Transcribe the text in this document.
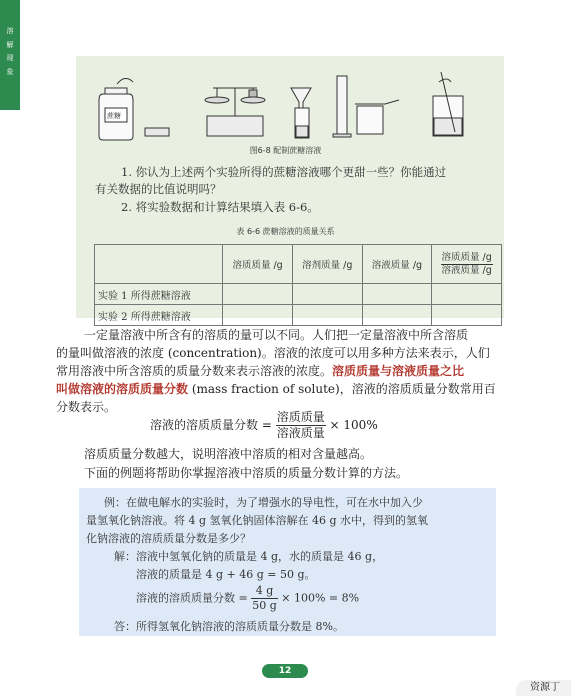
溶
解
现
象
蔗糖
图6-8 配制蔗糖溶液
1. 你认为上述两个实验所得的蔗糖溶液哪个更甜一些？你能通过
有关数据的比值说明吗？
2. 将实验数据和计算结果填入表 6-6。
表 6-6 蔗糖溶液的质量关系
	溶质质量 /g	溶剂质量 /g	溶液质量 /g	$\frac{\text{溶质质量 /g}}{\text{溶液质量 /g}}$

实验 1 所得蔗糖溶液				
实验 2 所得蔗糖溶液				
一定量溶液中所含有的溶质的量可以不同。人们把一定量溶液中所含溶质
的量叫做溶液的浓度 (concentration)。溶液的浓度可以用多种方法来表示，人们
常用溶液中所含溶质的质量分数来表示溶液的浓度。溶质质量与溶液质量之比
叫做溶液的溶质质量分数 (mass fraction of solute)，溶液的溶质质量分数常用百
分数表示。
溶液的溶质质量分数 = $\frac{\text{溶质质量}}{\text{溶液质量}} \times 100\%$
溶质质量分数越大，说明溶液中溶质的相对含量越高。
下面的例题将帮助你掌握溶液中溶质的质量分数计算的方法。
例：在做电解水的实验时，为了增强水的导电性，可在水中加入少
量氢氧化钠溶液。将 4 g 氢氧化钠固体溶解在 46 g 水中，得到的氢氧
化钠溶液的溶质质量分数是多少？
解：溶液中氢氧化钠的质量是 4 g，水的质量是 46 g，
溶液的质量是 4 g + 46 g = 50 g。
溶液的溶质质量分数 = $\frac{4 g}{50 g} \times 100\% = 8\%$
答：所得氢氧化钠溶液的溶质质量分数是 8%。
12
资源丁
